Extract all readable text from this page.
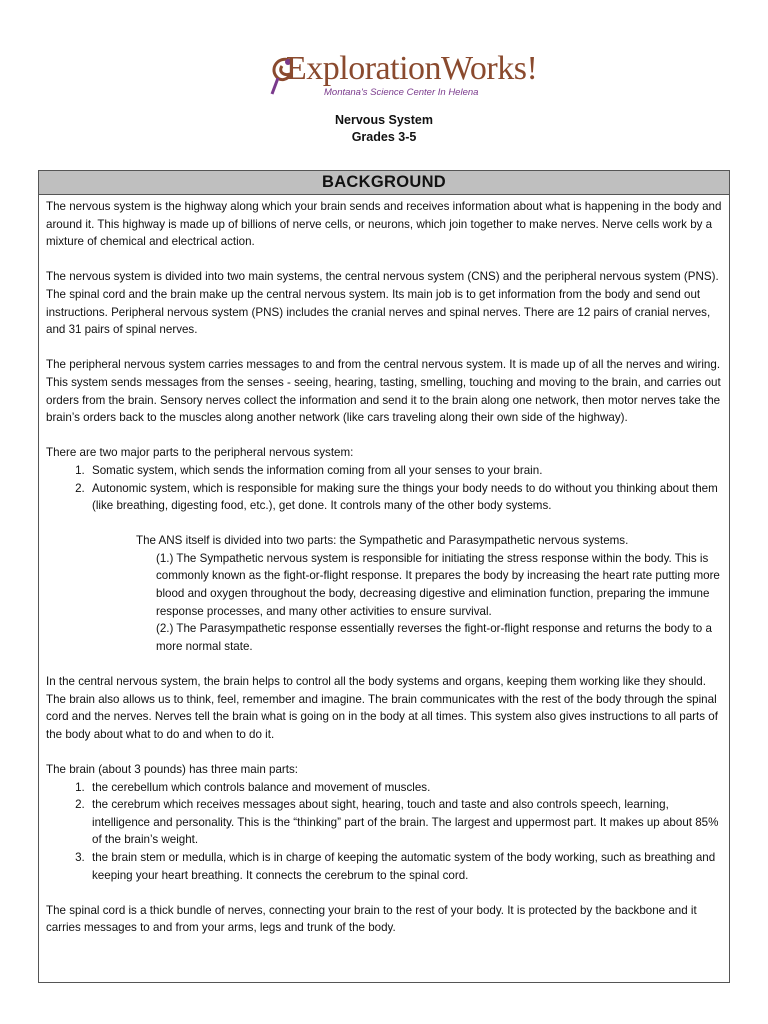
ExplorationWorks!
Montana's Science Center In Helena
Nervous System
Grades 3-5
BACKGROUND

The nervous system is the highway along which your brain sends and receives information about what is happening in the body and around it. This highway is made up of billions of nerve cells, or neurons, which join together to make nerves. Nerve cells work by a mixture of chemical and electrical action.

The nervous system is divided into two main systems, the central nervous system (CNS) and the peripheral nervous system (PNS). The spinal cord and the brain make up the central nervous system. Its main job is to get information from the body and send out instructions. Peripheral nervous system (PNS) includes the cranial nerves and spinal nerves. There are 12 pairs of cranial nerves, and 31 pairs of spinal nerves.

The peripheral nervous system carries messages to and from the central nervous system. It is made up of all the nerves and wiring. This system sends messages from the senses - seeing, hearing, tasting, smelling, touching and moving to the brain, and carries out orders from the brain. Sensory nerves collect the information and send it to the brain along one network, then motor nerves take the brain’s orders back to the muscles along another network (like cars traveling along their own side of the highway).

There are two major parts to the peripheral nervous system:
1. Somatic system, which sends the information coming from all your senses to your brain.
2. Autonomic system, which is responsible for making sure the things your body needs to do without you thinking about them (like breathing, digesting food, etc.), get done. It controls many of the other body systems.
The ANS itself is divided into two parts: the Sympathetic and Parasympathetic nervous systems.
(1.) The Sympathetic nervous system is responsible for initiating the stress response within the body. This is commonly known as the fight-or-flight response. It prepares the body by increasing the heart rate putting more blood and oxygen throughout the body, decreasing digestive and elimination function, preparing the immune response processes, and many other activities to ensure survival.
(2.) The Parasympathetic response essentially reverses the fight-or-flight response and returns the body to a more normal state.

In the central nervous system, the brain helps to control all the body systems and organs, keeping them working like they should. The brain also allows us to think, feel, remember and imagine. The brain communicates with the rest of the body through the spinal cord and the nerves. Nerves tell the brain what is going on in the body at all times. This system also gives instructions to all parts of the body about what to do and when to do it.

The brain (about 3 pounds) has three main parts:
1. the cerebellum which controls balance and movement of muscles.
2. the cerebrum which receives messages about sight, hearing, touch and taste and also controls speech, learning, intelligence and personality. This is the “thinking” part of the brain. The largest and uppermost part. It makes up about 85% of the brain’s weight.
3. the brain stem or medulla, which is in charge of keeping the automatic system of the body working, such as breathing and keeping your heart breathing. It connects the cerebrum to the spinal cord.

The spinal cord is a thick bundle of nerves, connecting your brain to the rest of your body. It is protected by the backbone and it carries messages to and from your arms, legs and trunk of the body.
